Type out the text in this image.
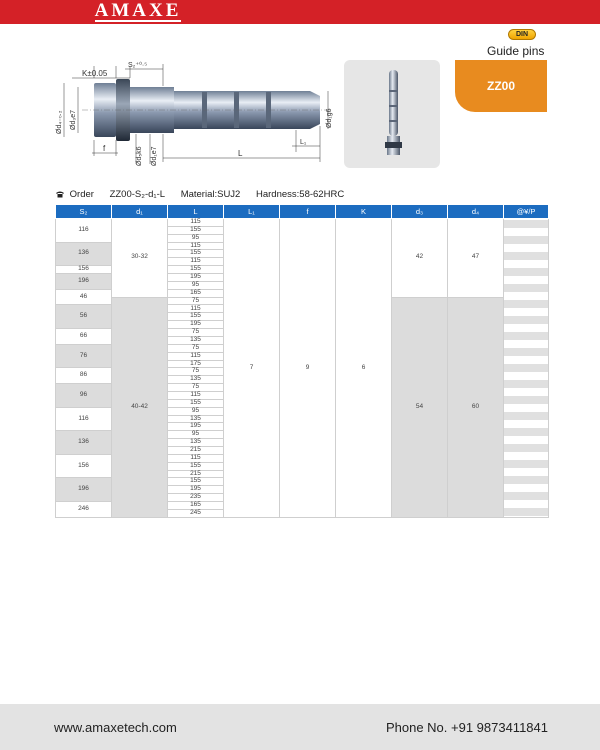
AMAXE
DIN
Guide pins
ZZ00
K±0.05
S₂⁺⁰·⁵
Ød₄₋₀.₂ Ød₃e7
f	Ød₅k6 Ød₁e7	L
L₁
Ød₁g6
Order ZZ00-S₂-d₁-L Material:SUJ2 Hardness:58-62HRC
S₂	d₁	L	L₁	f	K	d₃	d₄	@¥/P
116	30-32	115	7	9	6	42	47	

		155						
		95						
136		115						
		155						
		115						
156		155						
196		195						
		95						
46		165						
	40-42	75				54	60	
56		115						
		155						
		195						
66		75						
		135						
76		75						
		115						
		175						
86		75						
		135						
96		75						
		115						
		155						
116		95						
		135						
		195						
136		95						
		135						
		215						
156		115						
		155						
		215						
196		155						
		195						
		235						
246		165						
		245						
www.amaxetech.com	Phone No. +91 9873411841
